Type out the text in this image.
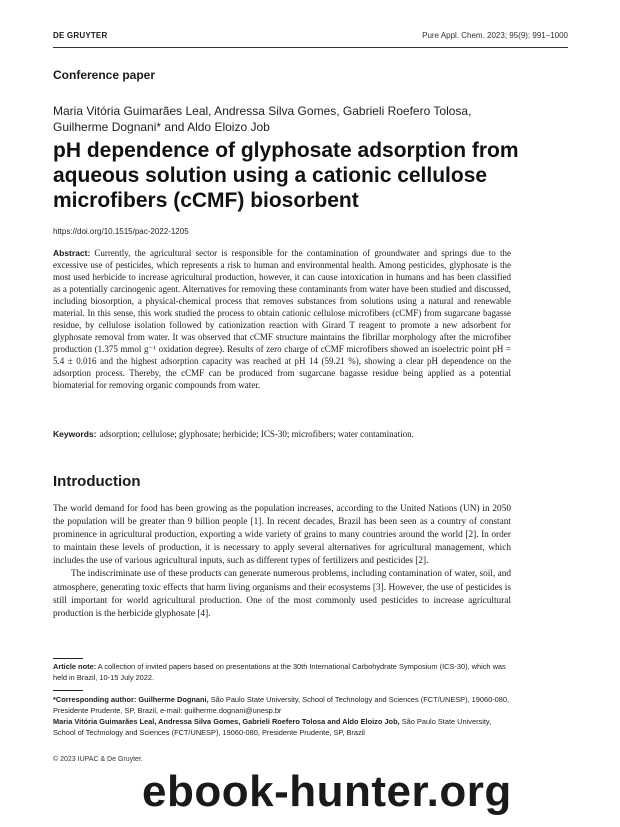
DE GRUYTER	Pure Appl. Chem. 2023; 95(9): 991–1000
Conference paper
Maria Vitória Guimarães Leal, Andressa Silva Gomes, Gabrieli Roefero Tolosa, Guilherme Dognani* and Aldo Eloizo Job
pH dependence of glyphosate adsorption from aqueous solution using a cationic cellulose microfibers (cCMF) biosorbent
https://doi.org/10.1515/pac-2022-1205
Abstract: Currently, the agricultural sector is responsible for the contamination of groundwater and springs due to the excessive use of pesticides, which represents a risk to human and environmental health. Among pesticides, glyphosate is the most used herbicide to increase agricultural production, however, it can cause intoxication in humans and has been classified as a potentially carcinogenic agent. Alternatives for removing these contaminants from water have been studied and discussed, including biosorption, a physical-chemical process that removes substances from solutions using a natural and renewable material. In this sense, this work studied the process to obtain cationic cellulose microfibers (cCMF) from sugarcane bagasse residue, by cellulose isolation followed by cationization reaction with Girard T reagent to promote a new adsorbent for glyphosate removal from water. It was observed that cCMF structure maintains the fibrillar morphology after the microfiber production (1.375 mmol g⁻¹ oxidation degree). Results of zero charge of cCMF microfibers showed an isoelectric point pH = 5.4 ± 0.016 and the highest adsorption capacity was reached at pH 14 (59.21 %), showing a clear pH dependence on the adsorption process. Thereby, the cCMF can be produced from sugarcane bagasse residue being applied as a potential biomaterial for removing organic compounds from water.
Keywords: adsorption; cellulose; glyphosate; herbicide; ICS-30; microfibers; water contamination.
Introduction

The world demand for food has been growing as the population increases, according to the United Nations (UN) in 2050 the population will be greater than 9 billion people [1]. In recent decades, Brazil has been seen as a country of constant prominence in agricultural production, exporting a wide variety of grains to many countries around the world [2]. In order to maintain these levels of production, it is necessary to apply several alternatives for agricultural management, which includes the use of various agricultural inputs, such as different types of fertilizers and pesticides [2].

The indiscriminate use of these products can generate numerous problems, including contamination of water, soil, and atmosphere, generating toxic effects that harm living organisms and their ecosystems [3]. However, the use of pesticides is still important for world agricultural production. One of the most commonly used pesticides to increase agricultural production is the herbicide glyphosate [4].

Article note: A collection of invited papers based on presentations at the 30th International Carbohydrate Symposium (ICS-30), which was held in Brazil, 10-15 July 2022.
*Corresponding author: Guilherme Dognani, São Paulo State University, School of Technology and Sciences (FCT/UNESP), 19060-080, Presidente Prudente, SP, Brazil, e-mail: guilherme.dognani@unesp.br
Maria Vitória Guimarães Leal, Andressa Silva Gomes, Gabrieli Roefero Tolosa and Aldo Eloizo Job, São Paulo State University, School of Technology and Sciences (FCT/UNESP), 19060-080, Presidente Prudente, SP, Brazil
© 2023 IUPAC & De Gruyter.
ebook-hunter.org
